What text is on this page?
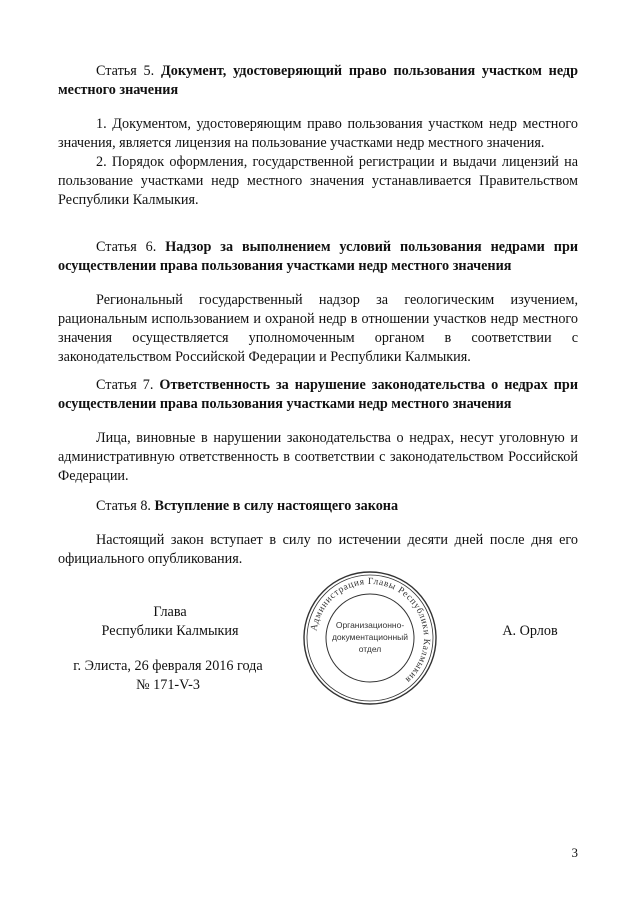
Статья 5. Документ, удостоверяющий право пользования участком недр местного значения

1. Документом, удостоверяющим право пользования участком недр местного значения, является лицензия на пользование участками недр местного значения.

2. Порядок оформления, государственной регистрации и выдачи лицензий на пользование участками недр местного значения устанавливается Правительством Республики Калмыкия.

Статья 6. Надзор за выполнением условий пользования недрами при осуществлении права пользования участками недр местного значения

Региональный государственный надзор за геологическим изучением, рациональным использованием и охраной недр в отношении участков недр местного значения осуществляется уполномоченным органом в соответствии с законодательством Российской Федерации и Республики Калмыкия.

Статья 7. Ответственность за нарушение законодательства о недрах при осуществлении права пользования участками недр местного значения

Лица, виновные в нарушении законодательства о недрах, несут уголовную и административную ответственность в соответствии с законодательством Российской Федерации.

Статья 8. Вступление в силу настоящего закона

Настоящий закон вступает в силу по истечении десяти дней после дня его официального опубликования.

Глава
Республики Калмыкия	А. Орлов
г. Элиста, 26 февраля 2016 года
№ 171-V-3
Администрация Главы Республики Калмыкия
Организационно-
документационный
отдел
3
